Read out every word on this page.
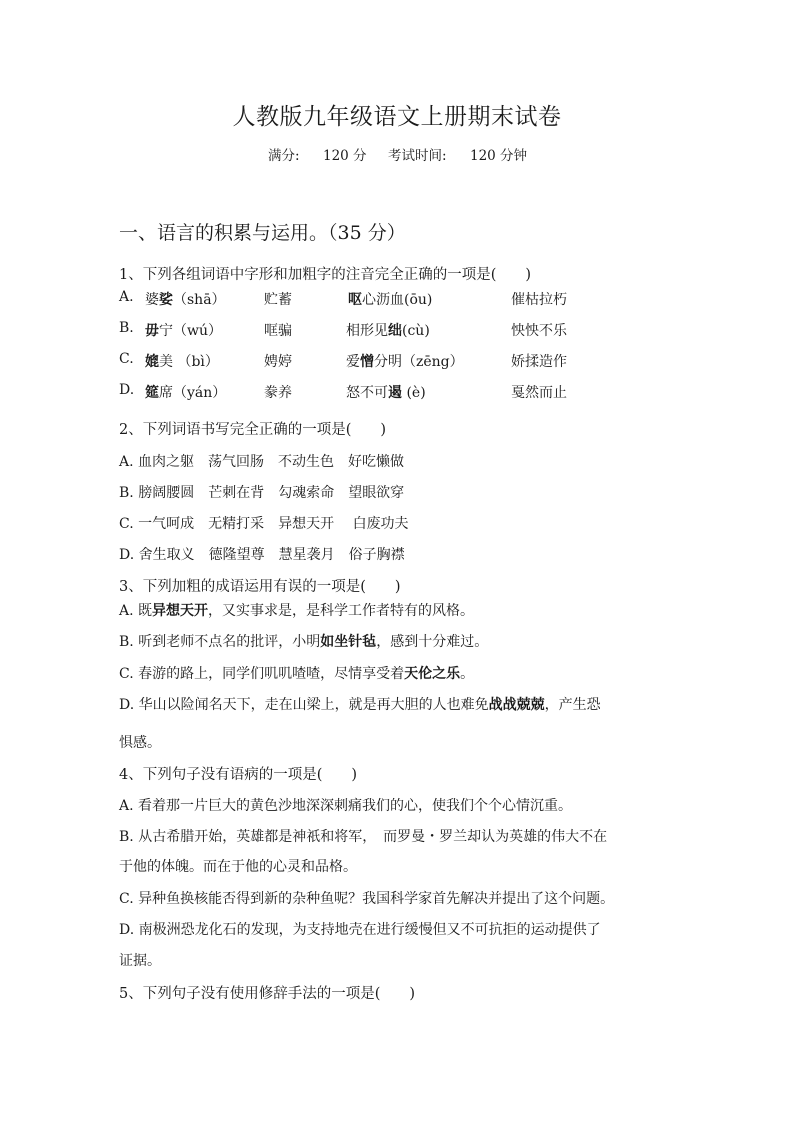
人教版九年级语文上册期末试卷
满分: 120 分 考试时间: 120 分钟
一、语言的积累与运用。（35 分）
1、下列各组词语中字形和加粗字的注音完全正确的一项是(　　)
A. 婆娑（shā）	贮蓄	呕心沥血(ōu)	催枯拉朽
B. 毋宁（wú）	哐骗	相形见绌(cù)	怏怏不乐
C. 媲美 （bì）	娉婷	爱憎分明（zēng）	娇揉造作
D. 筵席（yán）	豢养	怒不可遏 (è)	戛然而止
2、下列词语书写完全正确的一项是(　　)
A. 血肉之躯　荡气回肠　不动生色　好吃懒做
B. 膀阔腰圆　芒刺在背　勾魂索命　望眼欲穿
C. 一气呵成　无精打采　异想天开　 白废功夫
D. 舍生取义　德隆望尊　慧星袭月　俗子胸襟
3、下列加粗的成语运用有误的一项是(　　)
A. 既异想天开，又实事求是，是科学工作者特有的风格。
B. 听到老师不点名的批评，小明如坐针毡，感到十分难过。
C. 春游的路上，同学们叽叽喳喳，尽情享受着天伦之乐。
D. 华山以险闻名天下，走在山梁上，就是再大胆的人也难免战战兢兢，产生恐
惧感。
4、下列句子没有语病的一项是(　　)
A. 看着那一片巨大的黄色沙地深深刺痛我们的心，使我们个个心情沉重。
B. 从古希腊开始，英雄都是神祇和将军，　而罗曼・罗兰却认为英雄的伟大不在
于他的体魄。而在于他的心灵和品格。
C. 异种鱼换核能否得到新的杂种鱼呢？我国科学家首先解决并提出了这个问题。
D. 南极洲恐龙化石的发现，为支持地壳在进行缓慢但又不可抗拒的运动提供了
证据。
5、下列句子没有使用修辞手法的一项是(　　)
